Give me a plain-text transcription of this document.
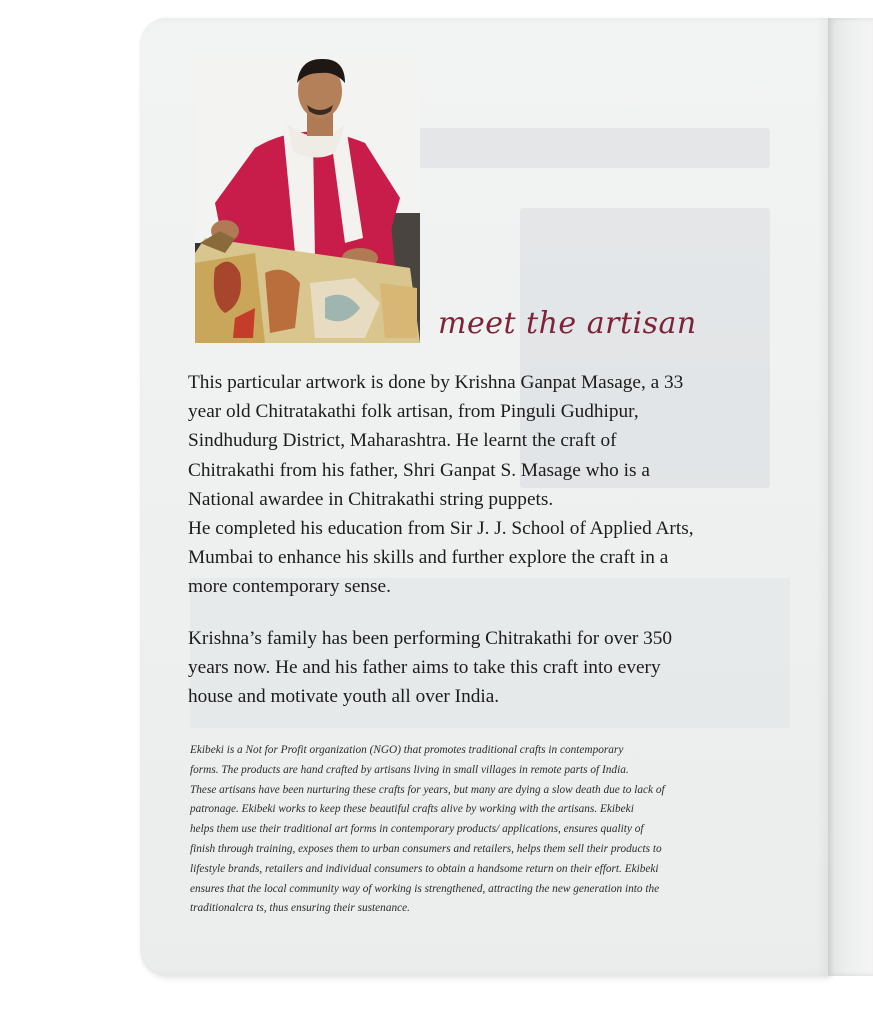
meet the artisan

This particular artwork is done by Krishna Ganpat Masage, a 33

year old Chitratakathi folk artisan, from Pinguli Gudhipur,

Sindhudurg District, Maharashtra. He learnt the craft of

Chitrakathi from his father, Shri Ganpat S. Masage who is a

National awardee in Chitrakathi string puppets.

He completed his education from Sir J. J. School of Applied Arts,

Mumbai to enhance his skills and further explore the craft in a

more contemporary sense.

Krishna’s family has been performing Chitrakathi for over 350

years now. He and his father aims to take this craft into every

house and motivate youth all over India.

Ekibeki is a Not for Profit organization (NGO) that promotes traditional crafts in contemporary

forms. The products are hand crafted by artisans living in small villages in remote parts of India.

These artisans have been nurturing these crafts for years, but many are dying a slow death due to lack of

patronage. Ekibeki works to keep these beautiful crafts alive by working with the artisans. Ekibeki

helps them use their traditional art forms in contemporary products/ applications, ensures quality of

finish through training, exposes them to urban consumers and retailers, helps them sell their products to

lifestyle brands, retailers and individual consumers to obtain a handsome return on their effort. Ekibeki

ensures that the local community way of working is strengthened, attracting the new generation into the

traditionalcra ts, thus ensuring their sustenance.
